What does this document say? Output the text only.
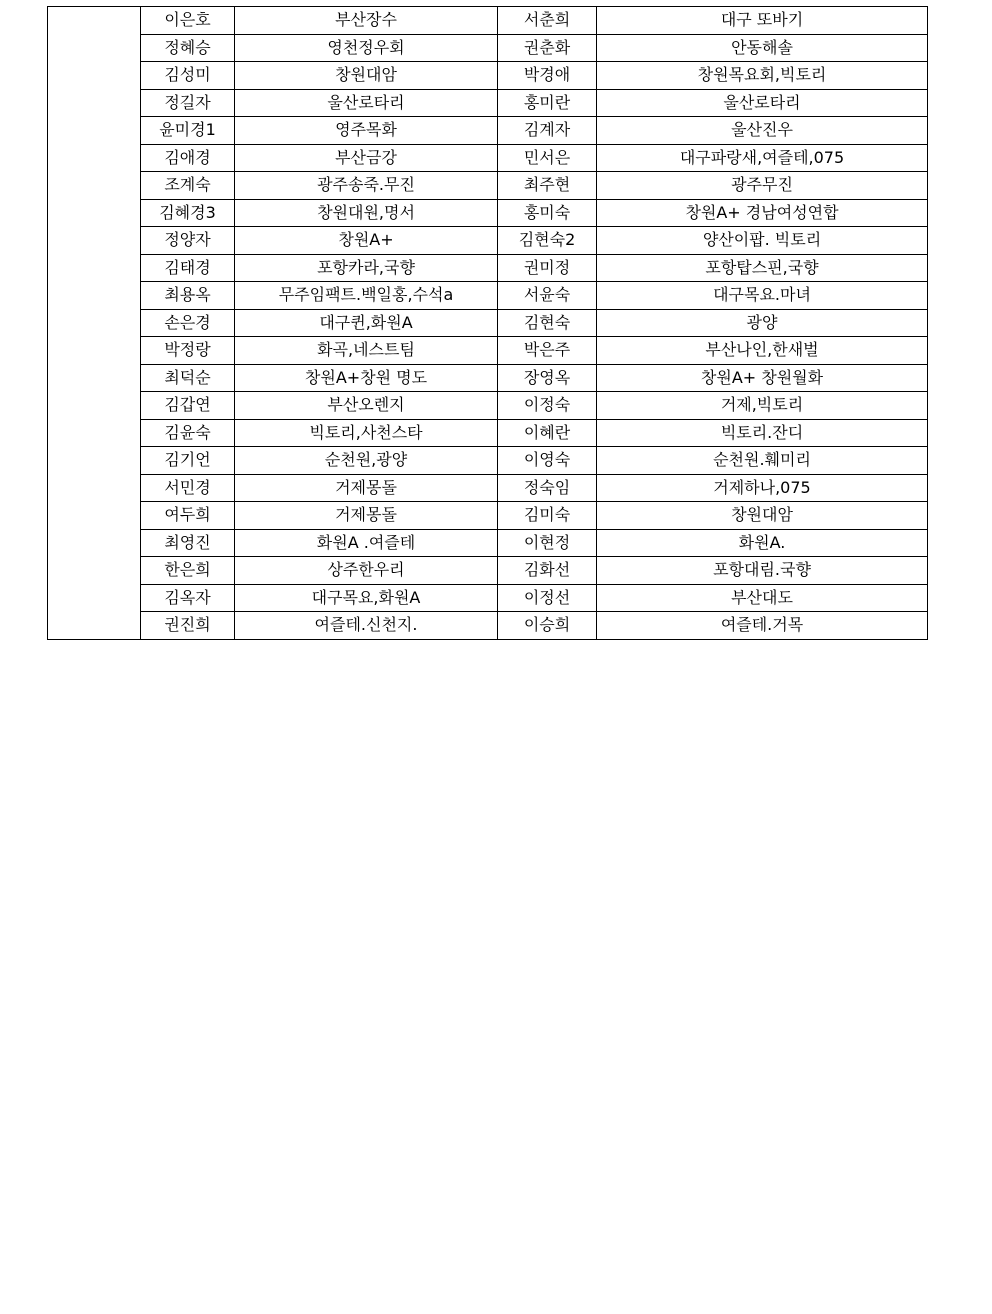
	이은호	부산장수	서춘희	대구 또바기
	정혜승	영천정우회	권춘화	안동해솔
	김성미	창원대암	박경애	창원목요회,빅토리
	정길자	울산로타리	홍미란	울산로타리
	윤미경1	영주목화	김계자	울산진우
	김애경	부산금강	민서은	대구파랑새,여즐테,075
	조계숙	광주송죽.무진	최주현	광주무진
	김혜경3	창원대원,명서	홍미숙	창원A+ 경남여성연합
	정양자	창원A+	김현숙2	양산이팝. 빅토리
	김태경	포항카라,국향	권미정	포항탑스핀,국향
	최용옥	무주임팩트.백일홍,수석a	서윤숙	대구목요.마녀
	손은경	대구퀸,화원A	김현숙	광양
	박정랑	화곡,네스트팀	박은주	부산나인,한새벌
	최덕순	창원A+창원 명도	장영옥	창원A+ 창원월화
	김갑연	부산오렌지	이정숙	거제,빅토리
	김윤숙	빅토리,사천스타	이혜란	빅토리.잔디
	김기언	순천원,광양	이영숙	순천원.훼미리
	서민경	거제몽돌	정숙임	거제하나,075
	여두희	거제몽돌	김미숙	창원대암
	최영진	화원A .여즐테	이현정	화원A.
	한은희	상주한우리	김화선	포항대림.국향
	김옥자	대구목요,화원A	이정선	부산대도
	권진희	여즐테.신천지.	이승희	여즐테.거목
